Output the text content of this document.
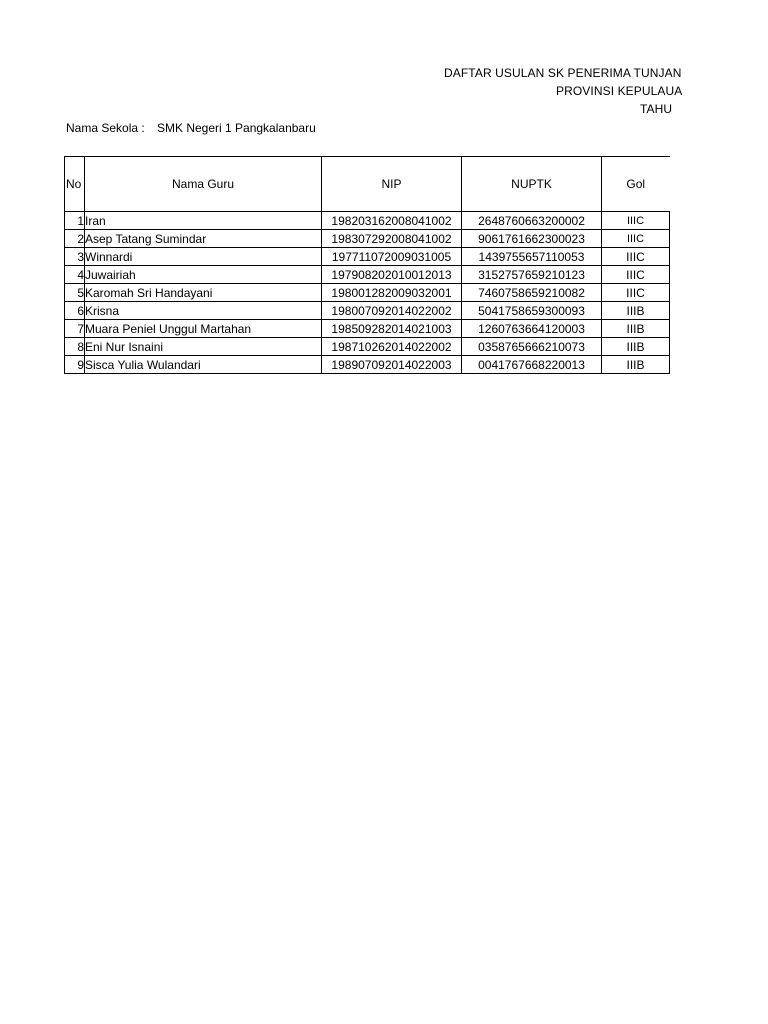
DAFTAR USULAN SK PENERIMA TUNJAN
PROVINSI KEPULAUA
TAHU
Nama Sekola : SMK Negeri 1 Pangkalanbaru
No	Nama Guru	NIP	NUPTK	Gol
1	Iran	198203162008041002	2648760663200002	IIIC
2	Asep Tatang Sumindar	198307292008041002	9061761662300023	IIIC
3	Winnardi	197711072009031005	1439755657110053	IIIC
4	Juwairiah	197908202010012013	3152757659210123	IIIC
5	Karomah Sri Handayani	198001282009032001	7460758659210082	IIIC
6	Krisna	198007092014022002	5041758659300093	IIIB
7	Muara Peniel Unggul Martahan	198509282014021003	1260763664120003	IIIB
8	Eni Nur Isnaini	198710262014022002	0358765666210073	IIIB
9	Sisca Yulia Wulandari	198907092014022003	0041767668220013	IIIB
